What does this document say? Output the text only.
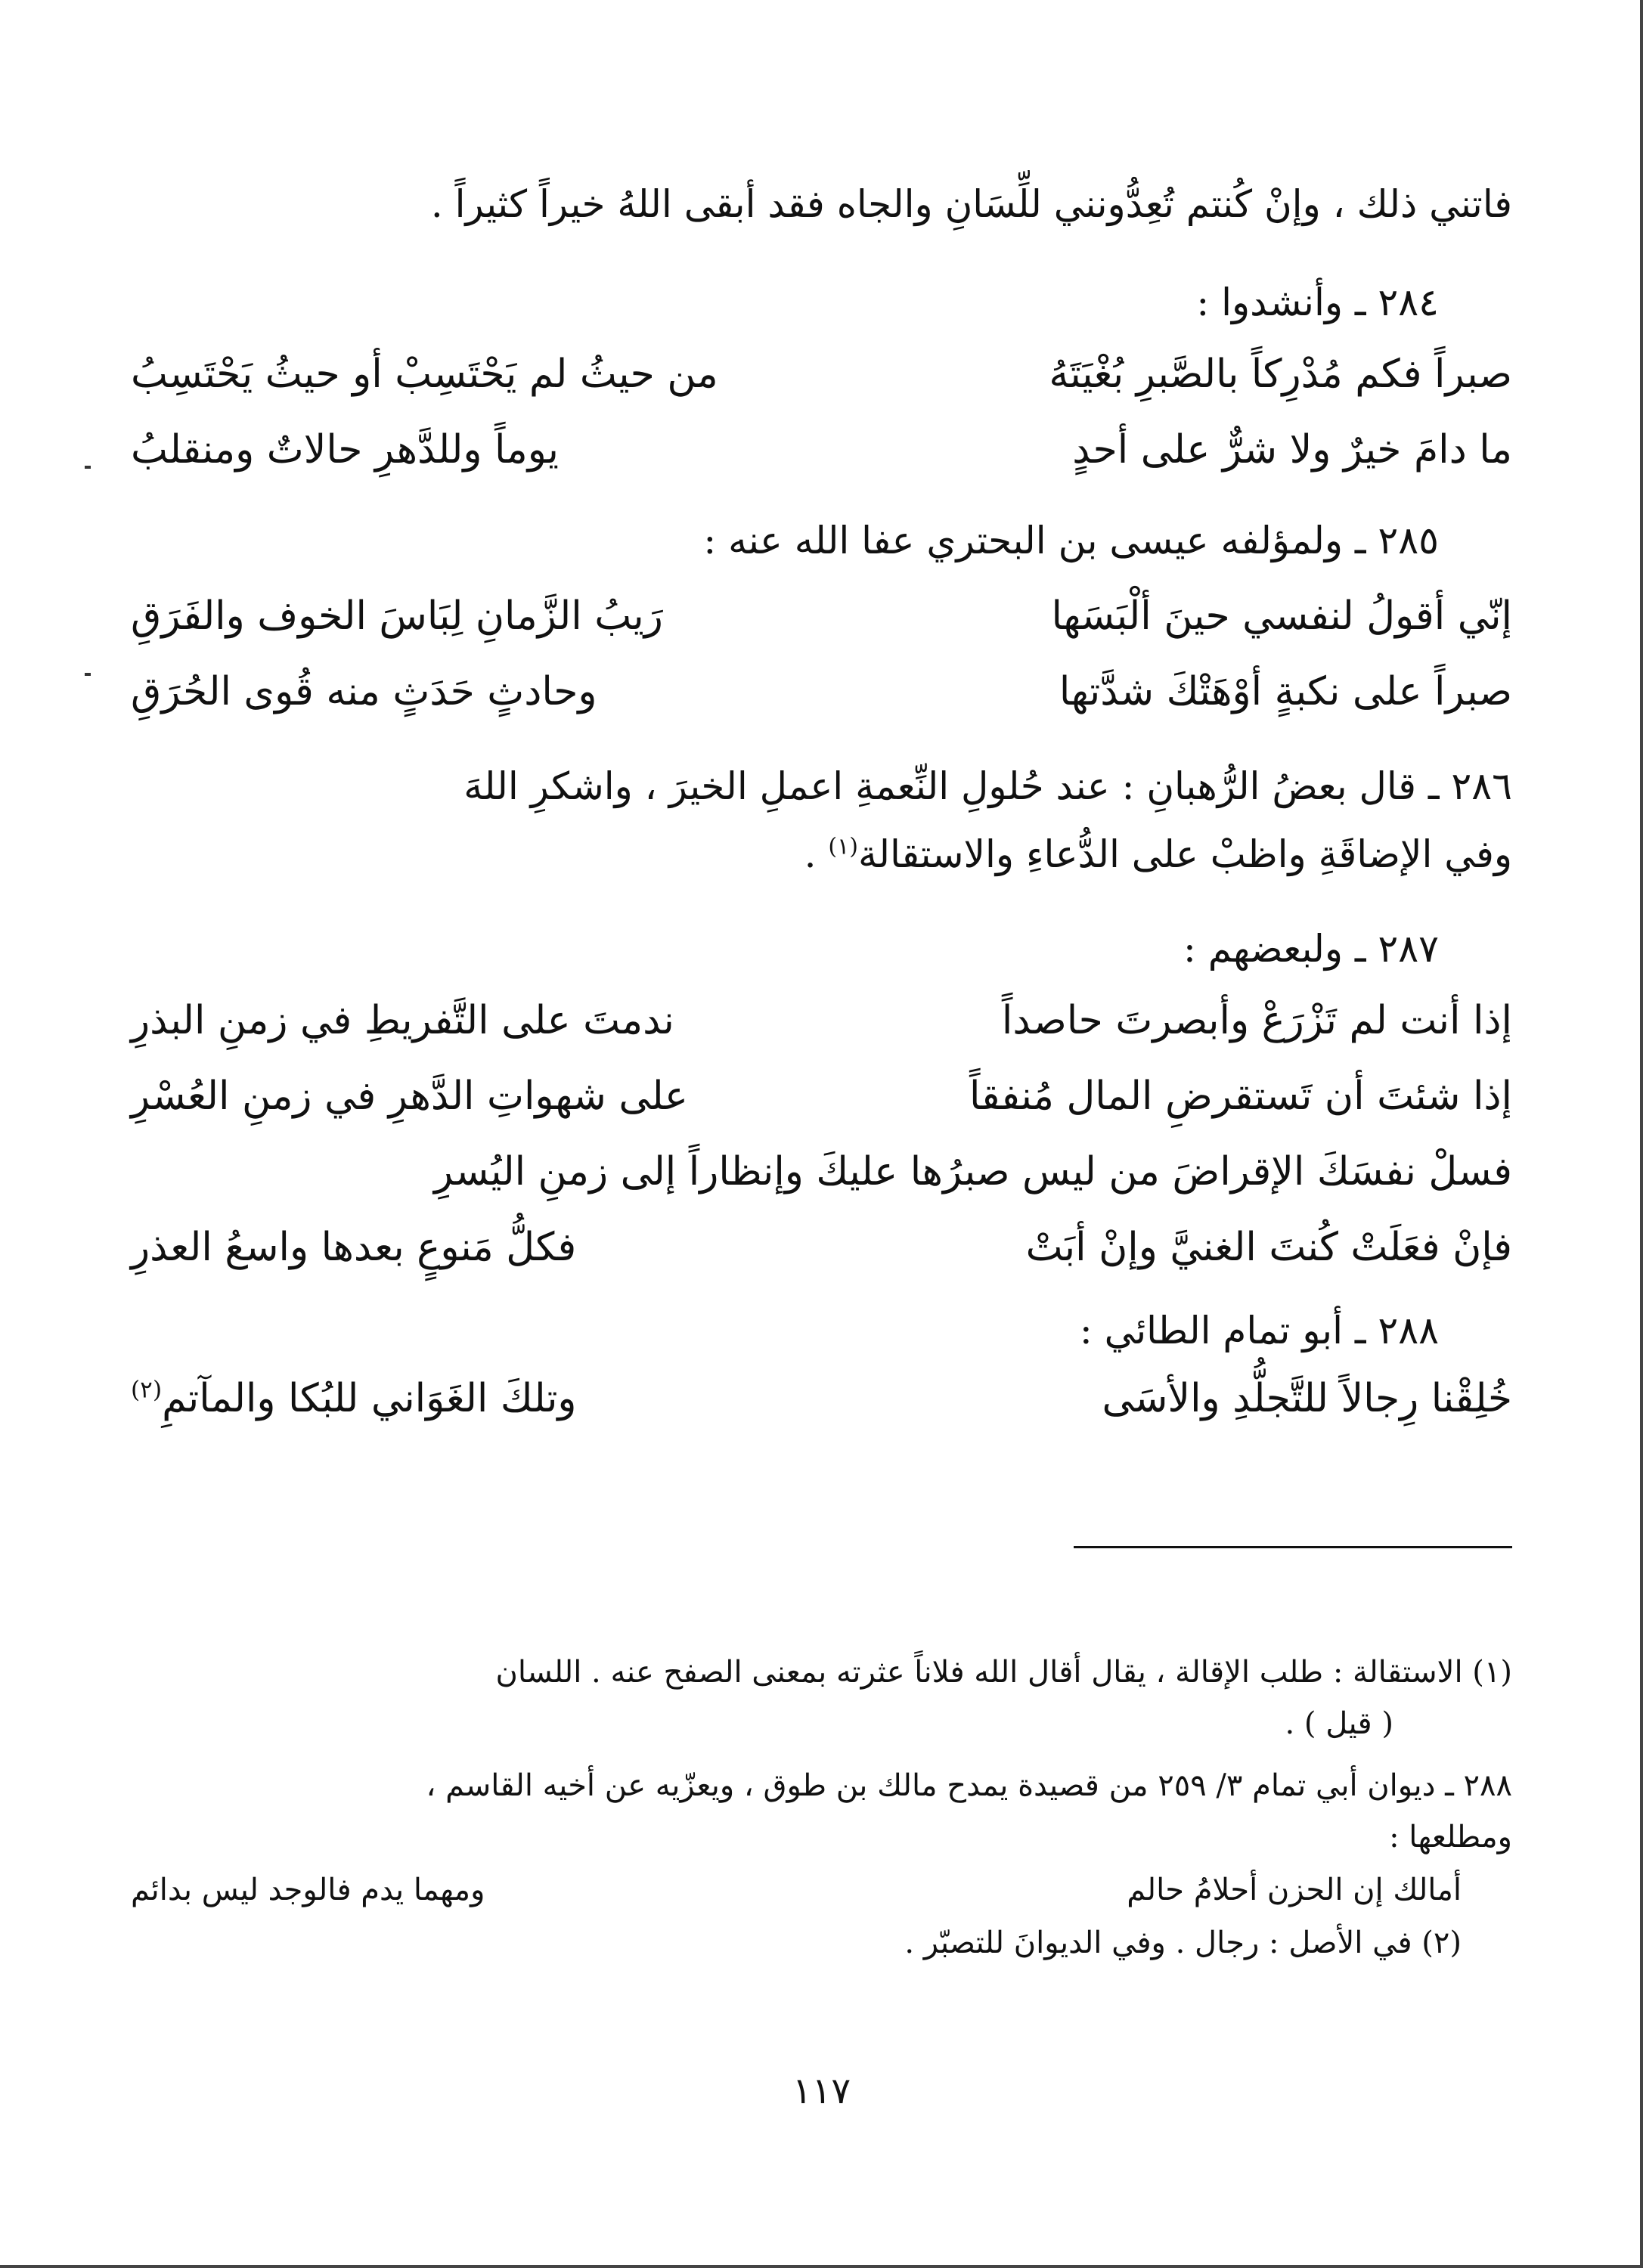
فاتني ذلك ، وإنْ كُنتم تُعِدُّونني للِّسَانِ والجاه فقد أبقى اللهُ خيراً كثيراً .
٢٨٤ ـ وأنشدوا :
صبراً فكم مُدْرِكاً بالصَّبرِ بُغْيَتَهُ
من حيثُ لم يَحْتَسِبْ أو حيثُ يَحْتَسِبُ
ما دامَ خيرٌ ولا شرٌّ على أحدٍ
يوماً وللدَّهرِ حالاتٌ ومنقلبُ
٢٨٥ ـ ولمؤلفه عيسى بن البحتري عفا الله عنه :
إنّي أقولُ لنفسي حينَ ألْبَسَها
رَيبُ الزَّمانِ لِبَاسَ الخوف والفَرَقِ
صبراً على نكبةٍ أوْهَتْكَ شدَّتها
وحادثٍ حَدَثٍ منه قُوى الحُرَقِ
٢٨٦ ـ قال بعضُ الرُّهبانِ : عند حُلولِ النِّعمةِ اعملِ الخيرَ ، واشكرِ اللهَ
وفي الإضاقَةِ واظبْ على الدُّعاءِ والاستقالة$^{(١)}$ .
٢٨٧ ـ ولبعضهم :
إذا أنت لم تَزْرَعْ وأبصرتَ حاصداً
ندمتَ على التَّفريطِ في زمنِ البذرِ
إذا شئتَ أن تَستقرضِ المال مُنفقاً
على شهواتِ الدَّهرِ في زمنِ العُسْرِ
فسلْ نفسَكَ الإقراضَ من ليس صبرُها عليكَ وإنظاراً إلى زمنِ اليُسرِ
فإنْ فعَلَتْ كُنتَ الغنيَّ وإنْ أبَتْ
فكلُّ مَنوعٍ بعدها واسعُ العذرِ
٢٨٨ ـ أبو تمام الطائي :
خُلِقْنا رِجالاً للتَّجلُّدِ والأسَى
وتلكَ الغَوَاني للبُكا والمآتمِ$^{(٢)}$
(١) الاستقالة : طلب الإقالة ، يقال أقال الله فلاناً عثرته بمعنى الصفح عنه . اللسان
( قيل ) .
٢٨٨ ـ ديوان أبي تمام ٣/ ٢٥٩ من قصيدة يمدح مالك بن طوق ، ويعزّيه عن أخيه القاسم ،
ومطلعها :
أمالك إن الحزن أحلامُ حالم
ومهما يدم فالوجد ليس بدائم
(٢) في الأصل : رجال . وفي الديوانَ للتصبّر .
١١٧
